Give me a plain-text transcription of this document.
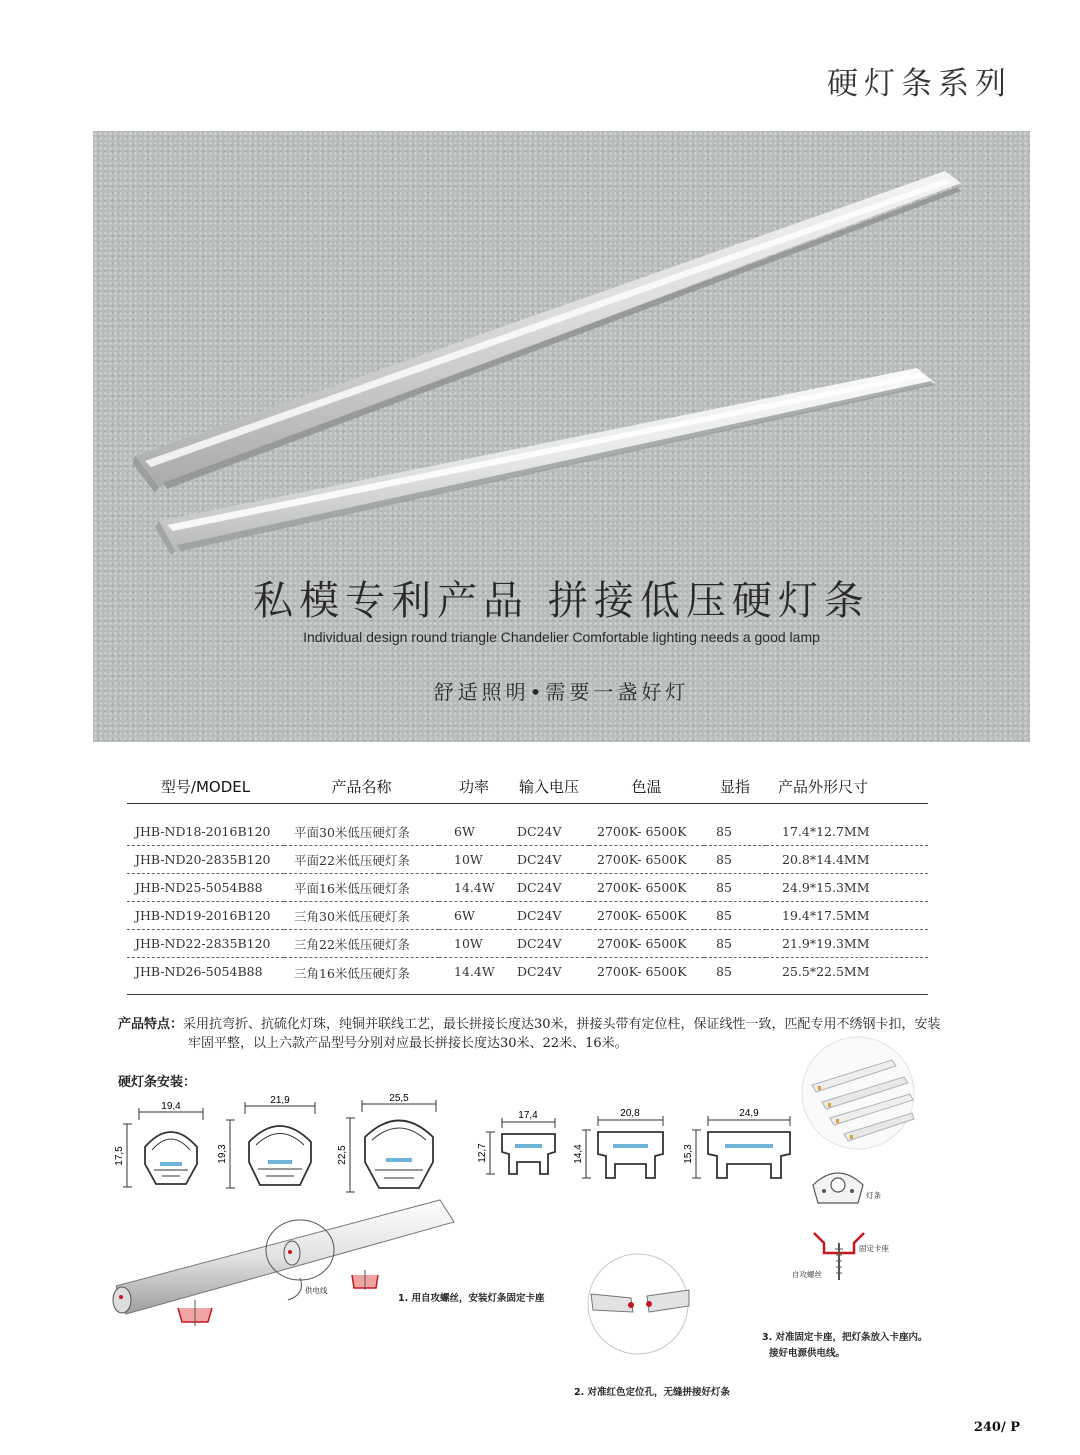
硬灯条系列
私模专利产品 拼接低压硬灯条
Individual design round triangle Chandelier Comfortable lighting needs a good lamp
舒适照明•需要一盏好灯
型号/MODEL	产品名称	功率	输入电压	色温	显指	产品外形尺寸

JHB-ND18-2016B120	平面30米低压硬灯条	6W	DC24V	2700K- 6500K	85	17.4*12.7MM
JHB-ND20-2835B120	平面22米低压硬灯条	10W	DC24V	2700K- 6500K	85	20.8*14.4MM
JHB-ND25-5054B88	平面16米低压硬灯条	14.4W	DC24V	2700K- 6500K	85	24.9*15.3MM
JHB-ND19-2016B120	三角30米低压硬灯条	6W	DC24V	2700K- 6500K	85	19.4*17.5MM
JHB-ND22-2835B120	三角22米低压硬灯条	10W	DC24V	2700K- 6500K	85	21.9*19.3MM
JHB-ND26-5054B88	三角16米低压硬灯条	14.4W	DC24V	2700K- 6500K	85	25.5*22.5MM
产品特点：采用抗弯折、抗硫化灯珠，纯铜并联线工艺，最长拼接长度达30米，拼接头带有定位柱，保证线性一致，匹配专用不绣钢卡扣，安装
牢固平整，以上六款产品型号分别对应最长拼接长度达30米、22米、16米。
硬灯条安装：
19,4
17,5
21,9
19,3
25,5
22,5
17,4
12,7
20,8
14,4
24,9
15,3
灯条
固定卡座
自攻螺丝
供电线
1. 用自攻螺丝，安装灯条固定卡座
3. 对准固定卡座，把灯条放入卡座内。
接好电源供电线。
2. 对准红色定位孔，无缝拼接好灯条
240/ P
